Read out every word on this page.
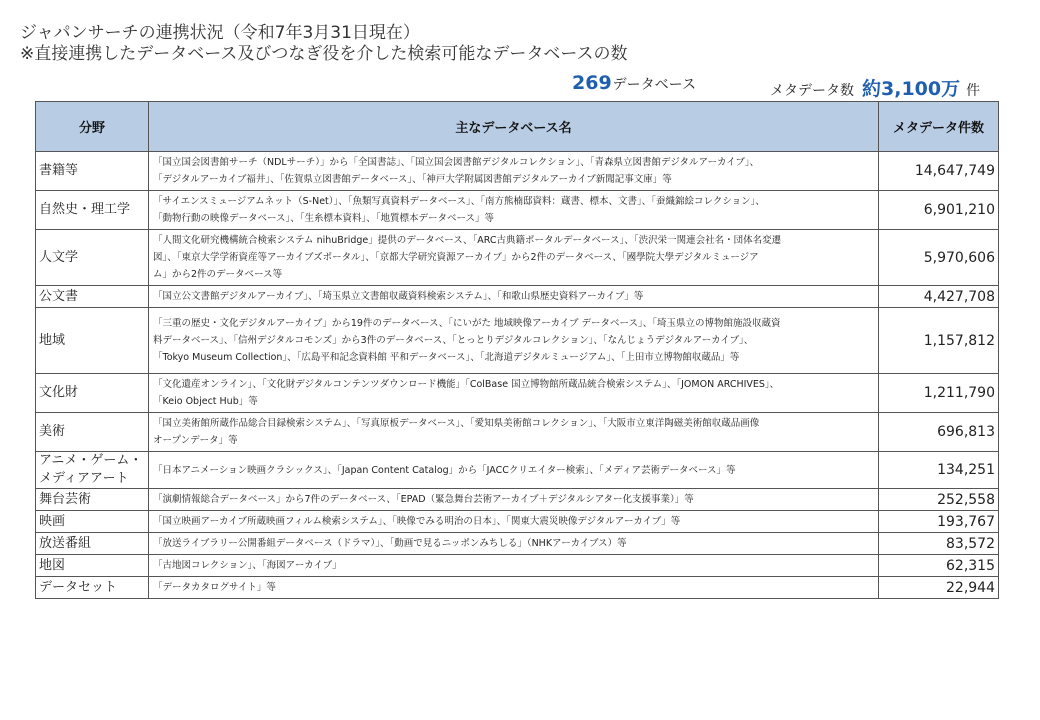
ジャパンサーチの連携状況（令和7年3月31日現在）
※直接連携したデータベース及びつなぎ役を介した検索可能なデータベースの数
269データベース	メタデータ数 約3,100万 件
分野	主なデータベース名	メタデータ件数
書籍等	「国立国会図書館サーチ（NDLサーチ）」から「全国書誌」、「国立国会図書館デジタルコレクション」、「青森県立図書館デジタルアーカイブ」、
「デジタルアーカイブ福井」、「佐賀県立図書館データベース」、「神戸大学附属図書館デジタルアーカイブ新聞記事文庫」等	14,647,749
自然史・理工学	「サイエンスミュージアムネット（S-Net）」、「魚類写真資料データベース」、「南方熊楠邸資料：蔵書、標本、文書」、「蚕織錦絵コレクション」、
「動物行動の映像データベース」、「生糸標本資料」、「地質標本データベース」等	6,901,210
人文学	「人間文化研究機構統合検索システム nihuBridge」提供のデータベース、「ARC古典籍ポータルデータベース」、「渋沢栄一関連会社名・団体名変遷
図」、「東京大学学術資産等アーカイブズポータル」、「京都大学研究資源アーカイブ」から2件のデータベース、「國學院大學デジタルミュージア
ム」から2件のデータベース等	5,970,606
公文書	「国立公文書館デジタルアーカイブ」、「埼玉県立文書館収蔵資料検索システム」、「和歌山県歴史資料アーカイブ」等	4,427,708
地域	「三重の歴史・文化デジタルアーカイブ」から19件のデータベース、「にいがた 地域映像アーカイブ データベース」、「埼玉県立の博物館施設収蔵資
料データベース」、「信州デジタルコモンズ」から3件のデータベース、「とっとりデジタルコレクション」、「なんじょうデジタルアーカイブ」、
「Tokyo Museum Collection」、「広島平和記念資料館 平和データベース」、「北海道デジタルミュージアム」、「上田市立博物館収蔵品」等	1,157,812
文化財	「文化遺産オンライン」、「文化財デジタルコンテンツダウンロード機能」「ColBase 国立博物館所蔵品統合検索システム」、「JOMON ARCHIVES」、
「Keio Object Hub」等	1,211,790
美術	「国立美術館所蔵作品総合目録検索システム」、「写真原板データベース」、「愛知県美術館コレクション」、「大阪市立東洋陶磁美術館収蔵品画像
オープンデータ」等	696,813
アニメ・ゲーム・メディアアート	「日本アニメーション映画クラシックス」、「Japan Content Catalog」から「JACCクリエイター検索」、「メディア芸術データベース」等	134,251
舞台芸術	「演劇情報総合データベース」から7件のデータベース、「EPAD（緊急舞台芸術アーカイブ＋デジタルシアター化支援事業）」等	252,558
映画	「国立映画アーカイブ所蔵映画フィルム検索システム」、「映像でみる明治の日本」、「関東大震災映像デジタルアーカイブ」等	193,767
放送番組	「放送ライブラリー公開番組データベース（ドラマ）」、「動画で見るニッポンみちしる」（NHKアーカイブス）等	83,572
地図	「古地図コレクション」、「海図アーカイブ」	62,315
データセット	「データカタログサイト」等	22,944
